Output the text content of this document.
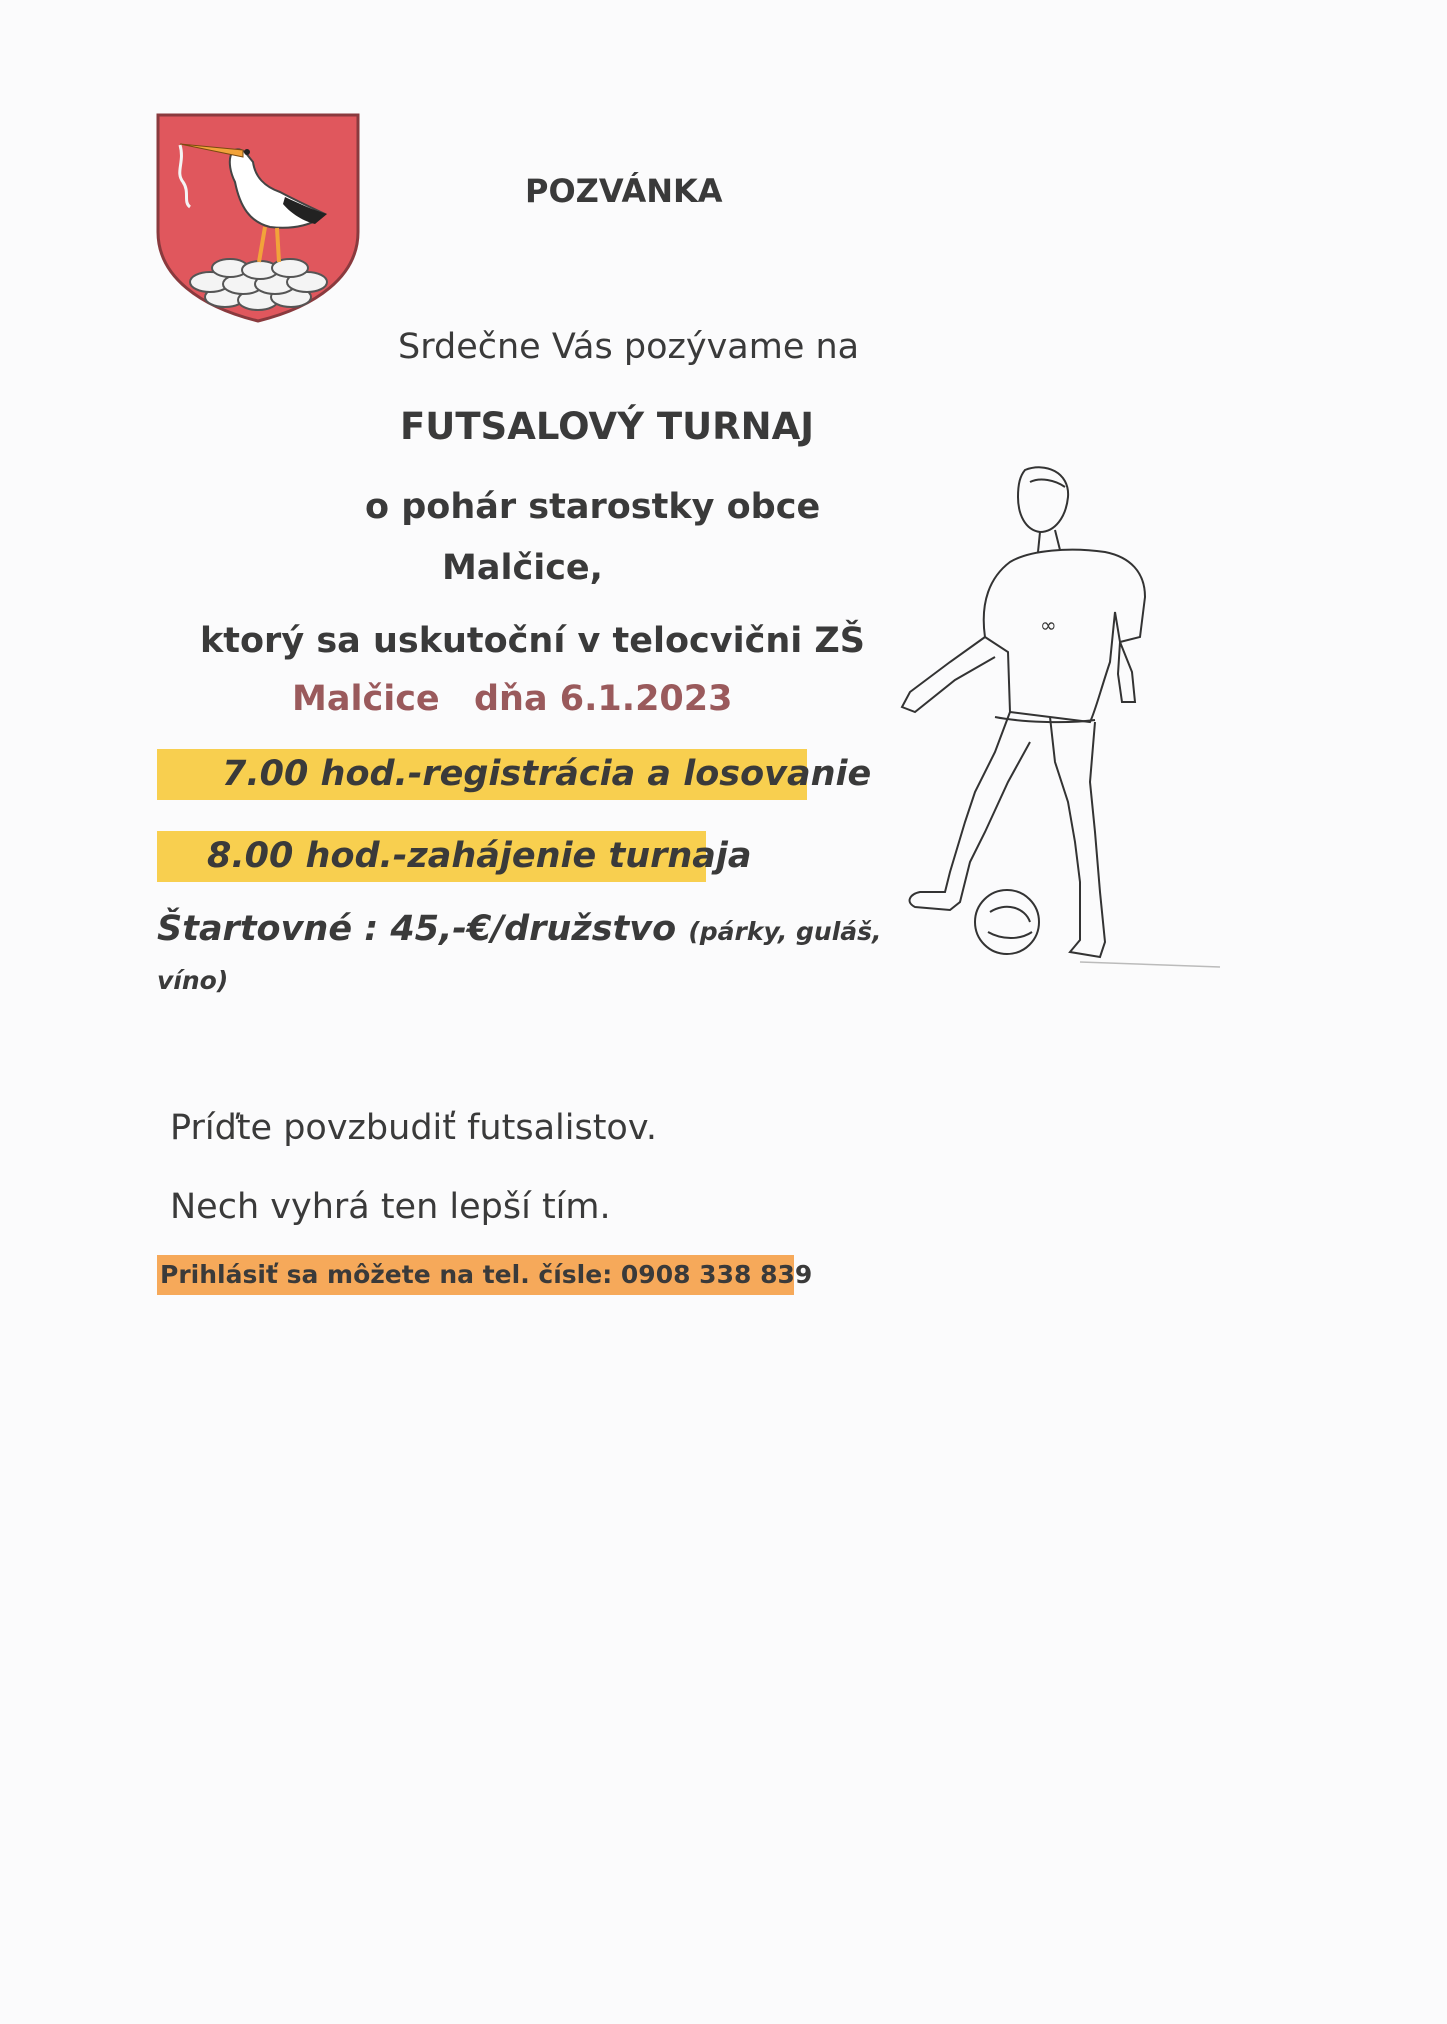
∞

POZVÁNKA

Srdečne Vás pozývame na

FUTSALOVÝ TURNAJ

o pohár starostky obce

Malčice,

ktorý sa uskutoční v telocvični ZŠ

Malčice dňa 6.1.2023

7.00 hod.-registrácia a losovanie
8.00 hod.-zahájenie turnaja

Štartovné : 45,-€/družstvo (párky, guláš,

víno)

Príďte povzbudiť futsalistov.

Nech vyhrá ten lepší tím.

Prihlásiť sa môžete na tel. čísle: 0908 338 839
